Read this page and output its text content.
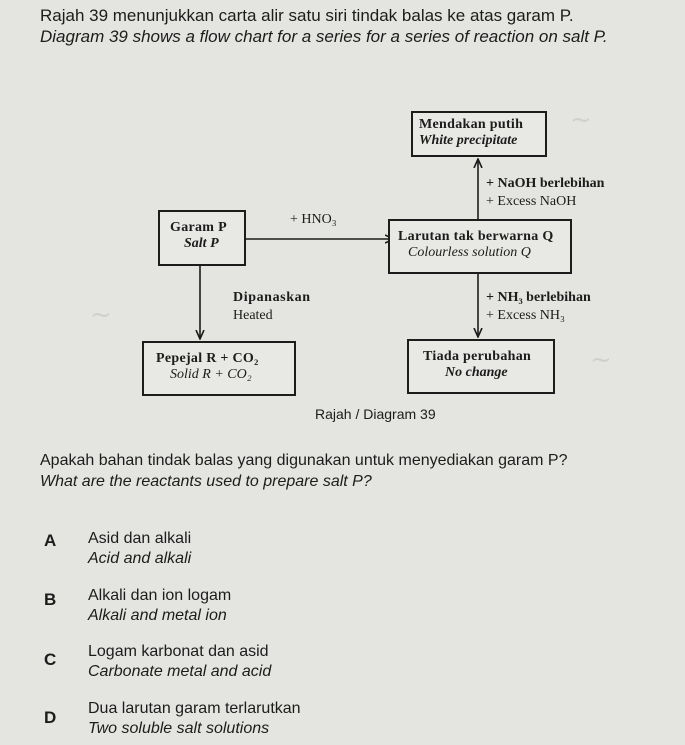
Rajah 39 menunjukkan carta alir satu siri tindak balas ke atas garam P.
Diagram 39 shows a flow chart for a series for a series of reaction on salt P.
~
~
~
Mendakan putih
White precipitate
Garam P
Salt P	Larutan tak berwarna Q
Colourless solution Q
Pepejal R + CO₂
Solid R + CO₂
Tiada perubahan
No change
+ HNO₃
+ NaOH berlebihan
+ Excess NaOH
+ NH₃ berlebihan
+ Excess NH₃
Dipanaskan
Heated
Rajah / Diagram 39
Apakah bahan tindak balas yang digunakan untuk menyediakan garam P?
What are the reactants used to prepare salt P?
A Asid dan alkali
Acid and alkali
B Alkali dan ion logam
Alkali and metal ion
C Logam karbonat dan asid
Carbonate metal and acid
D Dua larutan garam terlarutkan
Two soluble salt solutions
